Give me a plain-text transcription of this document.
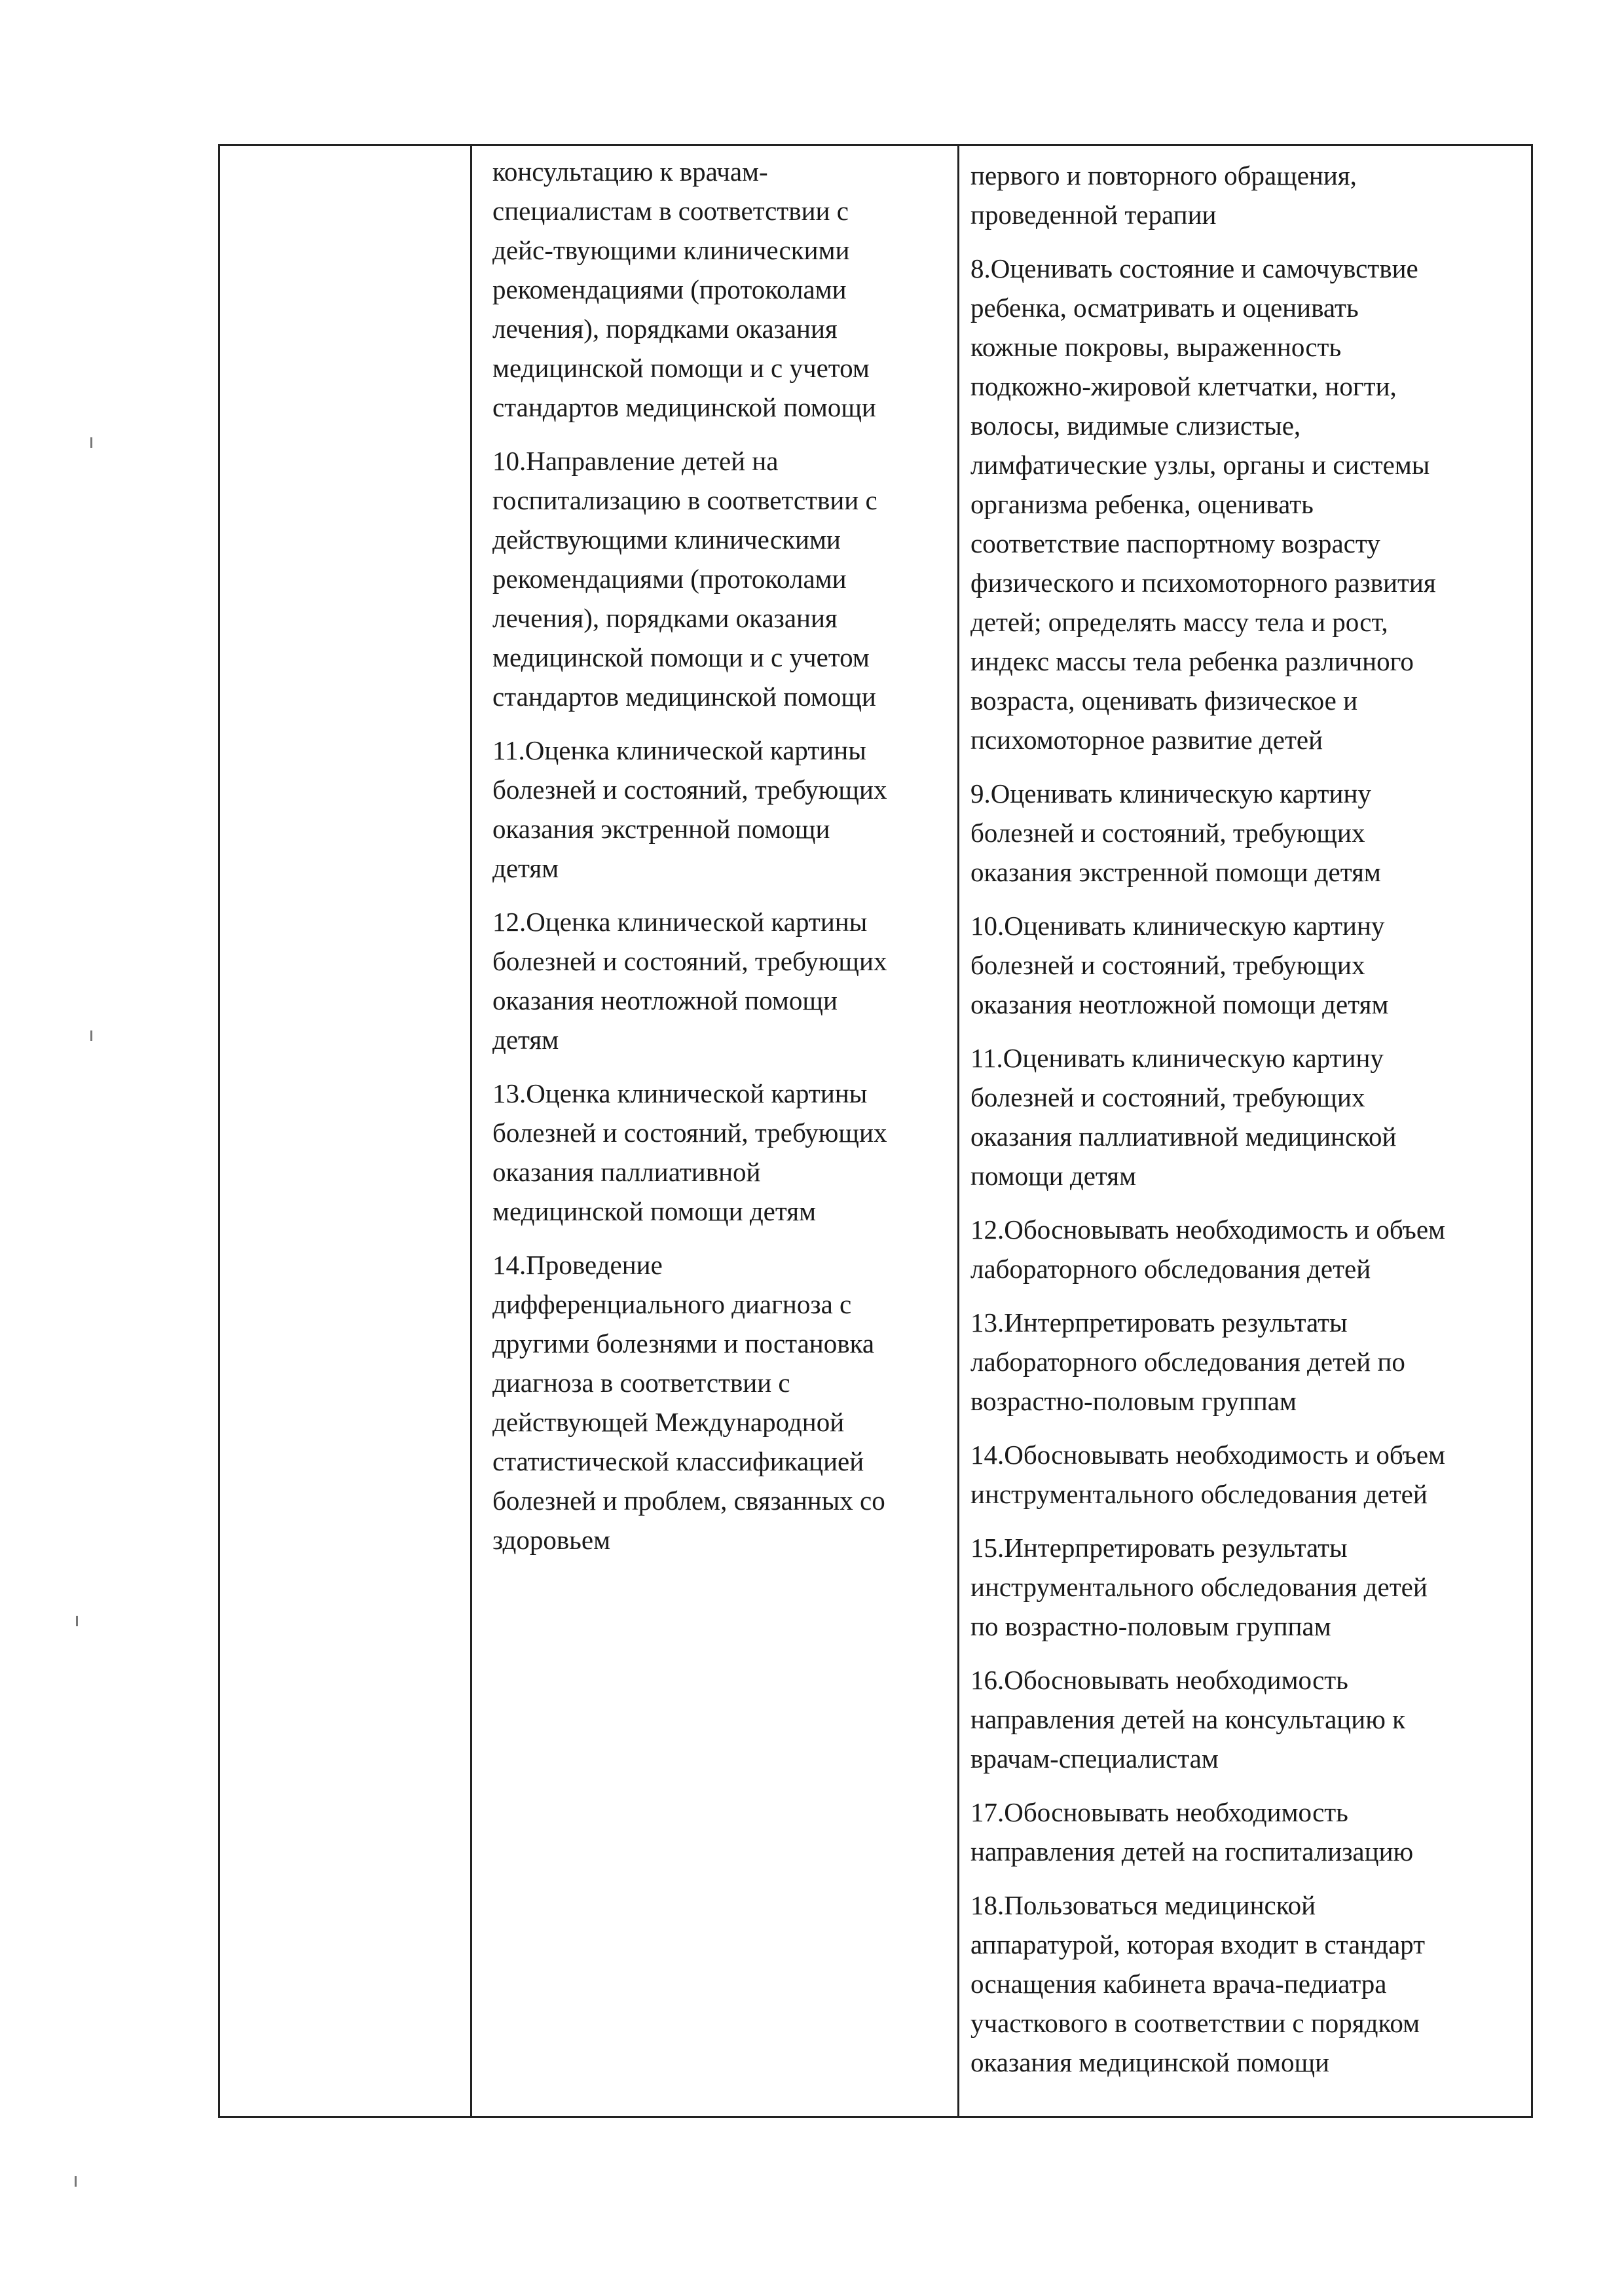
консультацию к врачам-
специалистам в соответствии с
дейс-твующими клиническими
рекомендациями (протоколами
лечения), порядками оказания
медицинской помощи и с учетом
стандартов медицинской помощи

10.Направление детей на
госпитализацию в соответствии с
действующими клиническими
рекомендациями (протоколами
лечения), порядками оказания
медицинской помощи и с учетом
стандартов медицинской помощи

11.Оценка клинической картины
болезней и состояний, требующих
оказания экстренной помощи
детям

12.Оценка клинической картины
болезней и состояний, требующих
оказания неотложной помощи
детям

13.Оценка клинической картины
болезней и состояний, требующих
оказания паллиативной
медицинской помощи детям

14.Проведение
дифференциального диагноза с
другими болезнями и постановка
диагноза в соответствии с
действующей Международной
статистической классификацией
болезней и проблем, связанных со
здоровьем

первого и повторного обращения,
проведенной терапии

8.Оценивать состояние и самочувствие
ребенка, осматривать и оценивать
кожные покровы, выраженность
подкожно-жировой клетчатки, ногти,
волосы, видимые слизистые,
лимфатические узлы, органы и системы
организма ребенка, оценивать
соответствие паспортному возрасту
физического и психомоторного развития
детей; определять массу тела и рост,
индекс массы тела ребенка различного
возраста, оценивать физическое и
психомоторное развитие детей

9.Оценивать клиническую картину
болезней и состояний, требующих
оказания экстренной помощи детям

10.Оценивать клиническую картину
болезней и состояний, требующих
оказания неотложной помощи детям

11.Оценивать клиническую картину
болезней и состояний, требующих
оказания паллиативной медицинской
помощи детям

12.Обосновывать необходимость и объем
лабораторного обследования детей

13.Интерпретировать результаты
лабораторного обследования детей по
возрастно-половым группам

14.Обосновывать необходимость и объем
инструментального обследования детей

15.Интерпретировать результаты
инструментального обследования детей
по возрастно-половым группам

16.Обосновывать необходимость
направления детей на консультацию к
врачам-специалистам

17.Обосновывать необходимость
направления детей на госпитализацию

18.Пользоваться медицинской
аппаратурой, которая входит в стандарт
оснащения кабинета врача-педиатра
участкового в соответствии с порядком
оказания медицинской помощи
